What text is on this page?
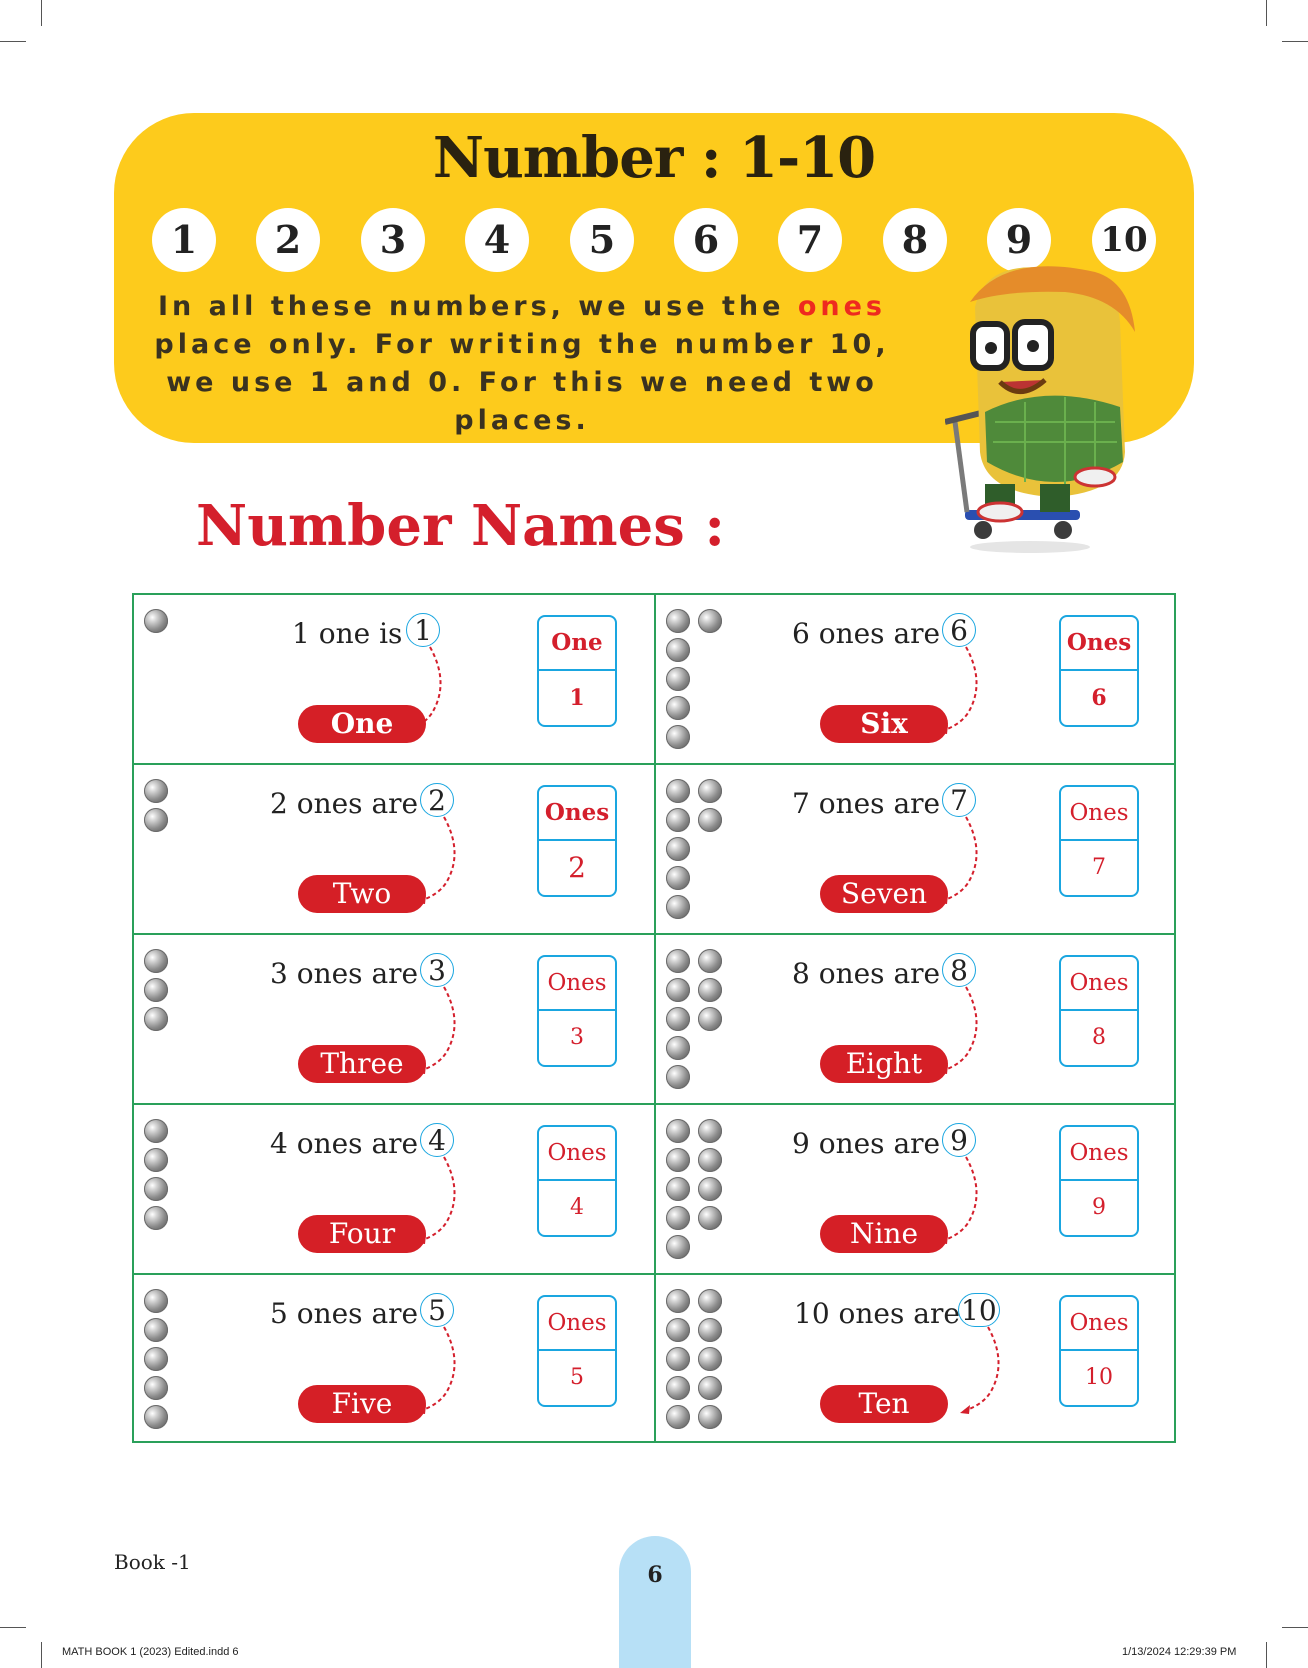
Number : 1-10
1	2	3	4	5	6	7	8	9	10

In all these numbers, we use the ones place only. For writing the number 10, we use 1 and 0. For this we need two places.

Number Names :
1 one is 1
One
One
1
2 ones are 2
Two
Ones
2
3 ones are 3
Three
Ones
3
4 ones are 4
Four
Ones
4
5 ones are 5
Five
Ones
5
6 ones are 6
Six
Ones
6
7 ones are 7
Seven
Ones
7
8 ones are 8
Eight
Ones
8
9 ones are 9
Nine
Ones
9
10 ones are 10
Ten
Ones
10
Book -1	6
MATH BOOK 1 (2023) Edited.indd 6	1/13/2024 12:29:39 PM
